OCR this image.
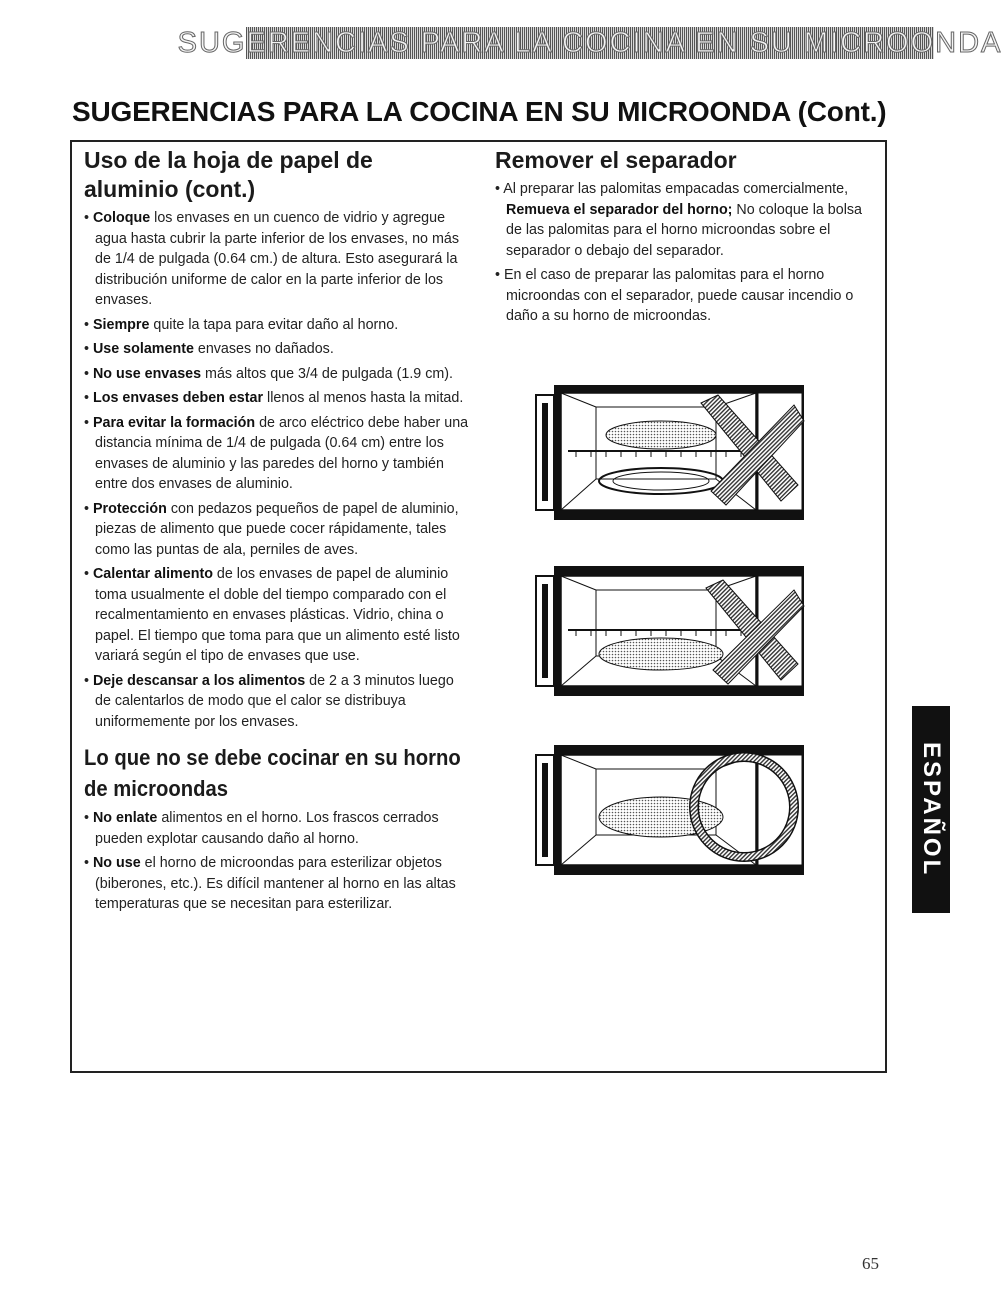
SUGERENCIAS PARA LA COCINA EN SU MICROONDA
SUGERENCIAS PARA LA COCINA EN SU MICROONDA (Cont.)
Uso de la hoja de papel de aluminio (cont.)
• Coloque los envases en un cuenco de vidrio y agregue agua hasta cubrir la parte inferior de los envases, no más de 1/4 de pulgada (0.64 cm.) de altura. Esto asegurará la distribución uniforme de calor en la parte inferior de los envases.
• Siempre quite la tapa para evitar daño al horno.
• Use solamente envases no dañados.
• No use envases más altos que 3/4 de pulgada (1.9 cm).
• Los envases deben estar llenos al menos hasta la mitad.
• Para evitar la formación de arco eléctrico debe haber una distancia mínima de 1/4 de pulgada (0.64 cm) entre los envases de aluminio y las paredes del horno y también entre dos envases de aluminio.
• Protección con pedazos pequeños de papel de aluminio, piezas de alimento que puede cocer rápidamente, tales como las puntas de ala, perniles de aves.
• Calentar alimento de los envases de papel de aluminio toma usualmente el doble del tiempo comparado con el recalmentamiento en envases plásticas. Vidrio, china o papel. El tiempo que toma para que un alimento esté listo variará según el tipo de envases que use.
• Deje descansar a los alimentos de 2 a 3 minutos luego de calentarlos de modo que el calor se distribuya uniformemente por los envases.
Lo que no se debe cocinar en su horno de microondas
• No enlate alimentos en el horno. Los frascos cerrados pueden explotar causando daño al horno.
• No use el horno de microondas para esterilizar objetos (biberones, etc.). Es difícil mantener al horno en las altas temperaturas que se necesitan para esterilizar.
Remover el separador
• Al preparar las palomitas empacadas comercialmente, Remueva el separador del horno; No coloque la bolsa de las palomitas para el horno microondas sobre el separador o debajo del separador.
• En el caso de preparar las palomitas para el horno microondas con el separador, puede causar incendio o daño a su horno de microondas.
ESPAÑOL
65
